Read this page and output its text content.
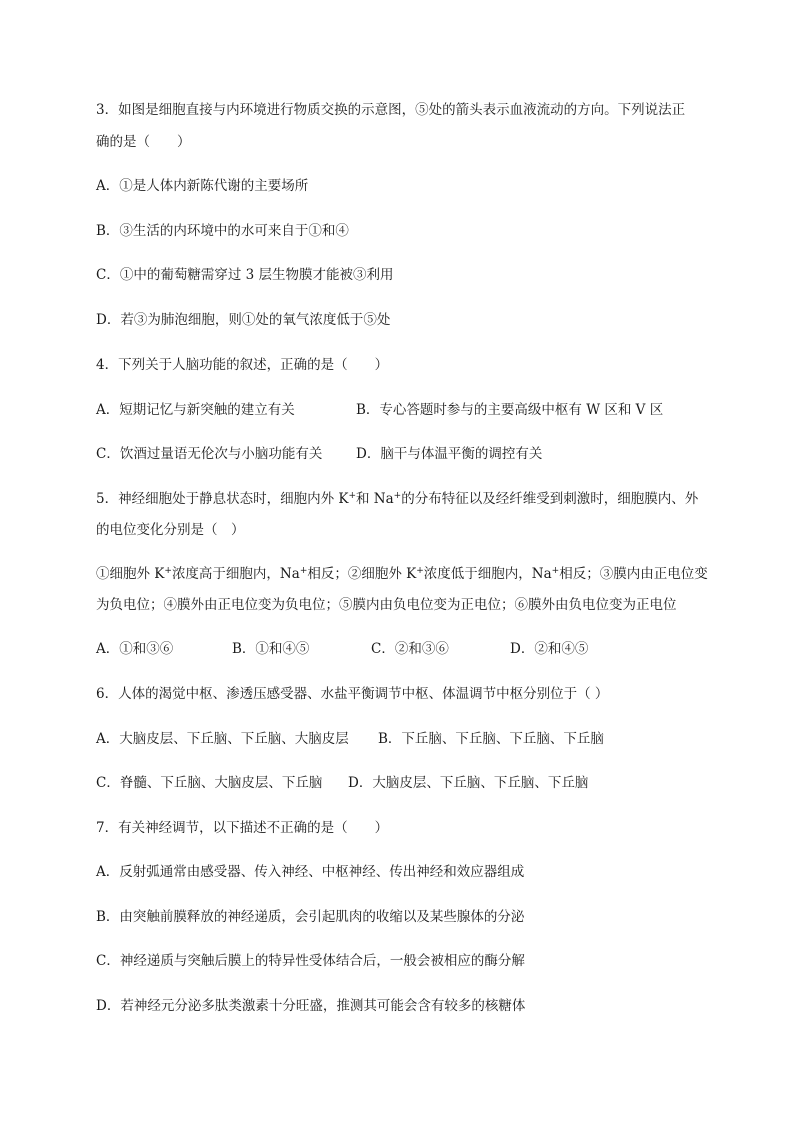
3．如图是细胞直接与内环境进行物质交换的示意图，⑤处的箭头表示血液流动的方向。下列说法正
确的是（　　）
A．①是人体内新陈代谢的主要场所
B．③生活的内环境中的水可来自于①和④
C．①中的葡萄糖需穿过 3 层生物膜才能被③利用
D．若③为肺泡细胞，则①处的氧气浓度低于⑤处
4．下列关于人脑功能的叙述，正确的是（　　）
A．短期记忆与新突触的建立有关	B．专心答题时参与的主要高级中枢有 W 区和 V 区
C．饮酒过量语无伦次与小脑功能有关 D．脑干与体温平衡的调控有关
5．神经细胞处于静息状态时，细胞内外 K+和 Na+的分布特征以及经纤维受到刺激时，细胞膜内、外
的电位变化分别是（　）
①细胞外 K+浓度高于细胞内，Na+相反；②细胞外 K+浓度低于细胞内，Na+相反；③膜内由正电位变
为负电位；④膜外由正电位变为负电位；⑤膜内由负电位变为正电位；⑥膜外由负电位变为正电位
A．①和③⑥	B．①和④⑤	C．②和③⑥	D．②和④⑤
6．人体的渴觉中枢、渗透压感受器、水盐平衡调节中枢、体温调节中枢分别位于（ ）
A．大脑皮层、下丘脑、下丘脑、大脑皮层 B．下丘脑、下丘脑、下丘脑、下丘脑
C．脊髓、下丘脑、大脑皮层、下丘脑 D．大脑皮层、下丘脑、下丘脑、下丘脑
7．有关神经调节，以下描述不正确的是（　　）
A．反射弧通常由感受器、传入神经、中枢神经、传出神经和效应器组成
B．由突触前膜释放的神经递质，会引起肌肉的收缩以及某些腺体的分泌
C．神经递质与突触后膜上的特异性受体结合后，一般会被相应的酶分解
D．若神经元分泌多肽类激素十分旺盛，推测其可能会含有较多的核糖体
